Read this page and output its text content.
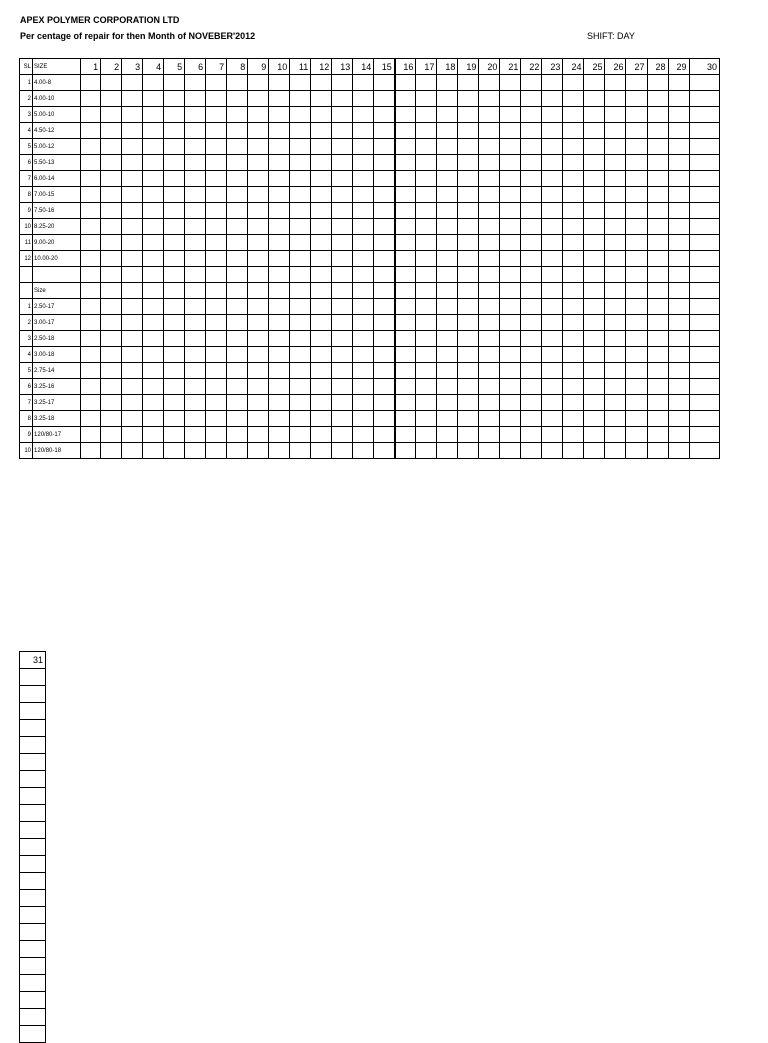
APEX POLYMER CORPORATION LTD
Per centage of repair for then Month of NOVEBER'2012	SHIFT: DAY
SL	SIZE	1	2	3	4	5	6	7	8	9	10	11	12	13	14	15	16	17	18	19	20	21	22	23	24	25	26	27	28	29	30
1	4.00-8																														
2	4.00-10																														
3	5.00-10																														
4	4.50-12																														
5	5.00-12																														
6	5.50-13																														
7	6.00-14																														
8	7.00-15																														
9	7.50-16																														
10	8.25-20																														
11	9.00-20																														
12	10.00-20																														

	Size																														
1	2.50-17																														
2	3.00-17																														
3	2.50-18																														
4	3.00-18																														
5	2.75-14																														
6	3.25-16																														
7	3.25-17																														
8	3.25-18																														
9	120/80-17																														
10	120/80-18																														
31
